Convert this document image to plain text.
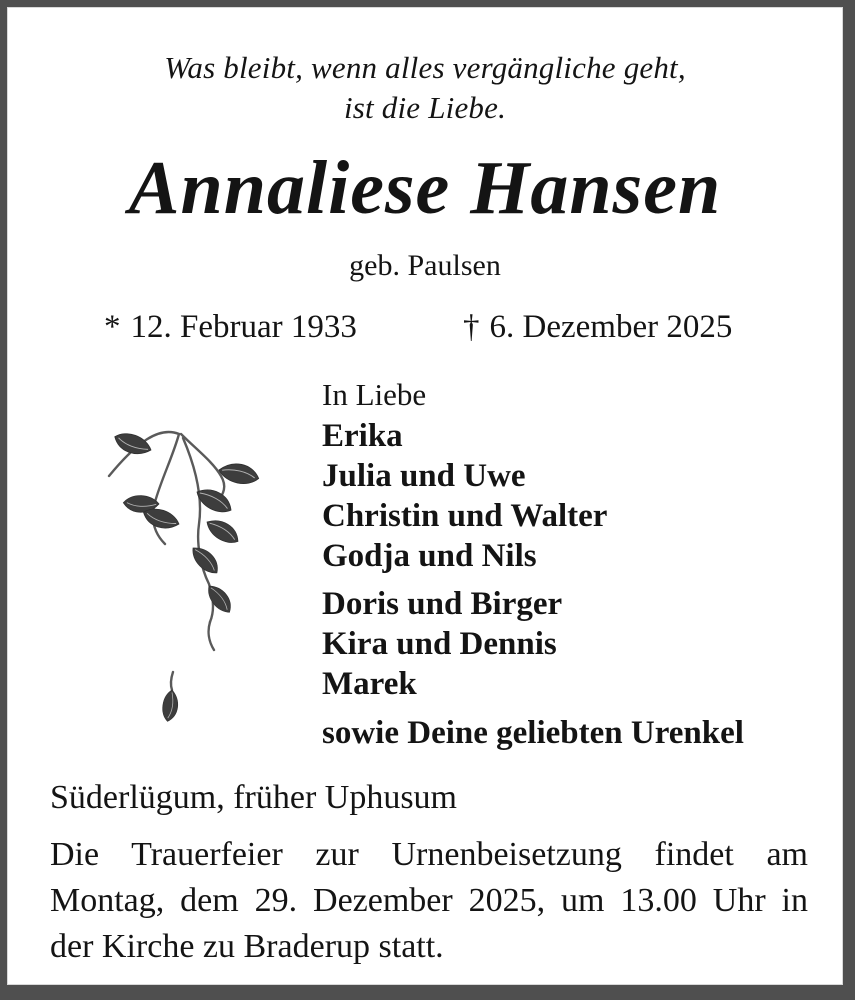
Was bleibt, wenn alles vergängliche geht,
ist die Liebe.
Annaliese Hansen
geb. Paulsen
* 12. Februar 1933	† 6. Dezember 2025
In Liebe
Erika
Julia und Uwe
Christin und Walter
Godja und Nils
Doris und Birger
Kira und Dennis
Marek
sowie Deine geliebten Urenkel
Süderlügum, früher Uphusum
Die Trauerfeier zur Urnenbeisetzung findet am
Montag, dem 29. Dezember 2025, um 13.00 Uhr in
der Kirche zu Braderup statt.
